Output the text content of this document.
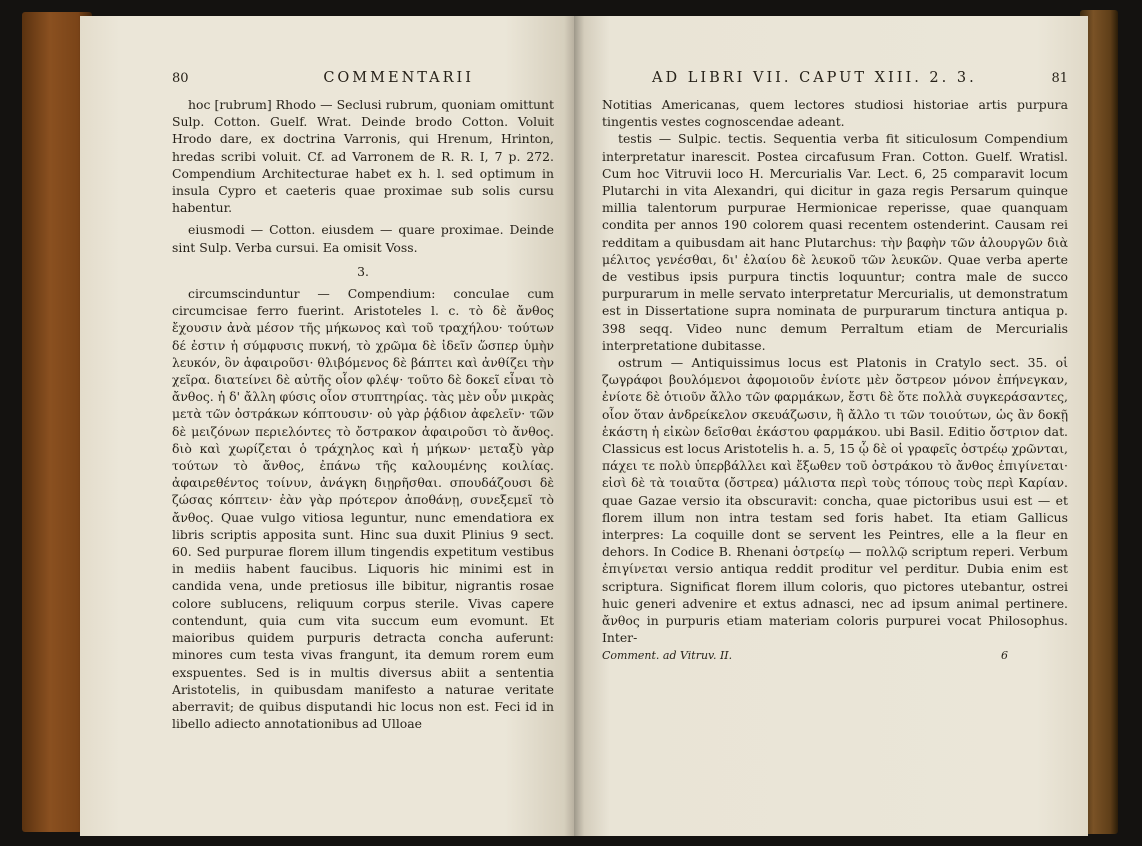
80	COMMENTARII

hoc [rubrum] Rhodo — Seclusi rubrum, quoniam omittunt Sulp. Cotton. Guelf. Wrat. Deinde brodo Cotton. Voluit Hrodo dare, ex doctrina Varronis, qui Hrenum, Hrinton, hredas scribi voluit. Cf. ad Varronem de R. R. I, 7 p. 272. Compendium Architecturae habet ex h. l. sed optimum in insula Cypro et caeteris quae proximae sub solis cursu habentur.

eiusmodi — Cotton. eiusdem — quare proximae. Deinde sint Sulp. Verba cursui. Ea omisit Voss.

3.

circumscinduntur — Compendium: conculae cum circumcisae ferro fuerint. Aristoteles l. c. τὸ δὲ ἄνθος ἔχουσιν ἀνὰ μέσον τῆς μήκωνος καὶ τοῦ τραχήλου· τούτων δέ ἐστιν ἡ σύμφυσις πυκνή, τὸ χρῶμα δὲ ἰδεῖν ὥσπερ ὑμὴν λευκόν, ὃν ἀφαιροῦσι· θλιβόμενος δὲ βάπτει καὶ ἀνθίζει τὴν χεῖρα. διατείνει δὲ αὐτῆς οἷον φλέψ· τοῦτο δὲ δοκεῖ εἶναι τὸ ἄνθος. ἡ δ' ἄλλη φύσις οἷον στυπτηρίας. τὰς μὲν οὖν μικρὰς μετὰ τῶν ὀστράκων κόπτουσιν· οὐ γὰρ ῥᾴδιον ἀφελεῖν· τῶν δὲ μειζόνων περιελόντες τὸ ὄστρακον ἀφαιροῦσι τὸ ἄνθος. διὸ καὶ χωρίζεται ὁ τράχηλος καὶ ἡ μήκων· μεταξὺ γὰρ τούτων τὸ ἄνθος, ἐπάνω τῆς καλουμένης κοιλίας. ἀφαιρεθέντος τοίνυν, ἀνάγκη διῃρῆσθαι. σπουδάζουσι δὲ ζώσας κόπτειν· ἐὰν γὰρ πρότερον ἀποθάνῃ, συνεξεμεῖ τὸ ἄνθος. Quae vulgo vitiosa leguntur, nunc emendatiora ex libris scriptis apposita sunt. Hinc sua duxit Plinius 9 sect. 60. Sed purpurae florem illum tingendis expetitum vestibus in mediis habent faucibus. Liquoris hic minimi est in candida vena, unde pretiosus ille bibitur, nigrantis rosae colore sublucens, reliquum corpus sterile. Vivas capere contendunt, quia cum vita succum eum evomunt. Et maioribus quidem purpuris detracta concha auferunt: minores cum testa vivas frangunt, ita demum rorem eum exspuentes. Sed is in multis diversus abiit a sententia Aristotelis, in quibusdam manifesto a naturae veritate aberravit; de quibus disputandi hic locus non est. Feci id in libello adiecto annotationibus ad Ulloae

AD LIBRI VII. CAPUT XIII. 2. 3.	81

Notitias Americanas, quem lectores studiosi historiae artis purpura tingentis vestes cognoscendae adeant.

testis — Sulpic. tectis. Sequentia verba fit siticulosum Compendium interpretatur inarescit. Postea circafusum Fran. Cotton. Guelf. Wratisl. Cum hoc Vitruvii loco H. Mercurialis Var. Lect. 6, 25 comparavit locum Plutarchi in vita Alexandri, qui dicitur in gaza regis Persarum quinque millia talentorum purpurae Hermionicae reperisse, quae quanquam condita per annos 190 colorem quasi recentem ostenderint. Causam rei redditam a quibusdam ait hanc Plutarchus: τὴν βαφὴν τῶν ἁλουργῶν διὰ μέλιτος γενέσθαι, δι' ἐλαίου δὲ λευκοῦ τῶν λευκῶν. Quae verba aperte de vestibus ipsis purpura tinctis loquuntur; contra male de succo purpurarum in melle servato interpretatur Mercurialis, ut demonstratum est in Dissertatione supra nominata de purpurarum tinctura antiqua p. 398 seqq. Video nunc demum Perraltum etiam de Mercurialis interpretatione dubitasse.

ostrum — Antiquissimus locus est Platonis in Cratylo sect. 35. οἱ ζωγράφοι βουλόμενοι ἀφομοιοῦν ἐνίοτε μὲν ὄστρεον μόνον ἐπήνεγκαν, ἐνίοτε δὲ ὁτιοῦν ἄλλο τῶν φαρμάκων, ἔστι δὲ ὅτε πολλὰ συγκεράσαντες, οἷον ὅταν ἀνδρείκελον σκευάζωσιν, ἢ ἄλλο τι τῶν τοιούτων, ὡς ἂν δοκῇ ἑκάστη ἡ εἰκὼν δεῖσθαι ἑκάστου φαρμάκου. ubi Basil. Editio ὄστριον dat. Classicus est locus Aristotelis h. a. 5, 15 ᾧ δὲ οἱ γραφεῖς ὀστρέῳ χρῶνται, πάχει τε πολὺ ὑπερβάλλει καὶ ἔξωθεν τοῦ ὀστράκου τὸ ἄνθος ἐπιγίνεται· εἰσὶ δὲ τὰ τοιαῦτα (ὄστρεα) μάλιστα περὶ τοὺς τόπους τοὺς περὶ Καρίαν. quae Gazae versio ita obscuravit: concha, quae pictoribus usui est — et florem illum non intra testam sed foris habet. Ita etiam Gallicus interpres: La coquille dont se servent les Peintres, elle a la fleur en dehors. In Codice B. Rhenani ὀστρείῳ — πολλῷ scriptum reperi. Verbum ἐπιγίνεται versio antiqua reddit proditur vel perditur. Dubia enim est scriptura. Significat florem illum coloris, quo pictores utebantur, ostrei huic generi advenire et extus adnasci, nec ad ipsum animal pertinere. ἄνθος in purpuris etiam materiam coloris purpurei vocat Philosophus. Inter-

Comment. ad Vitruv. II.	6
